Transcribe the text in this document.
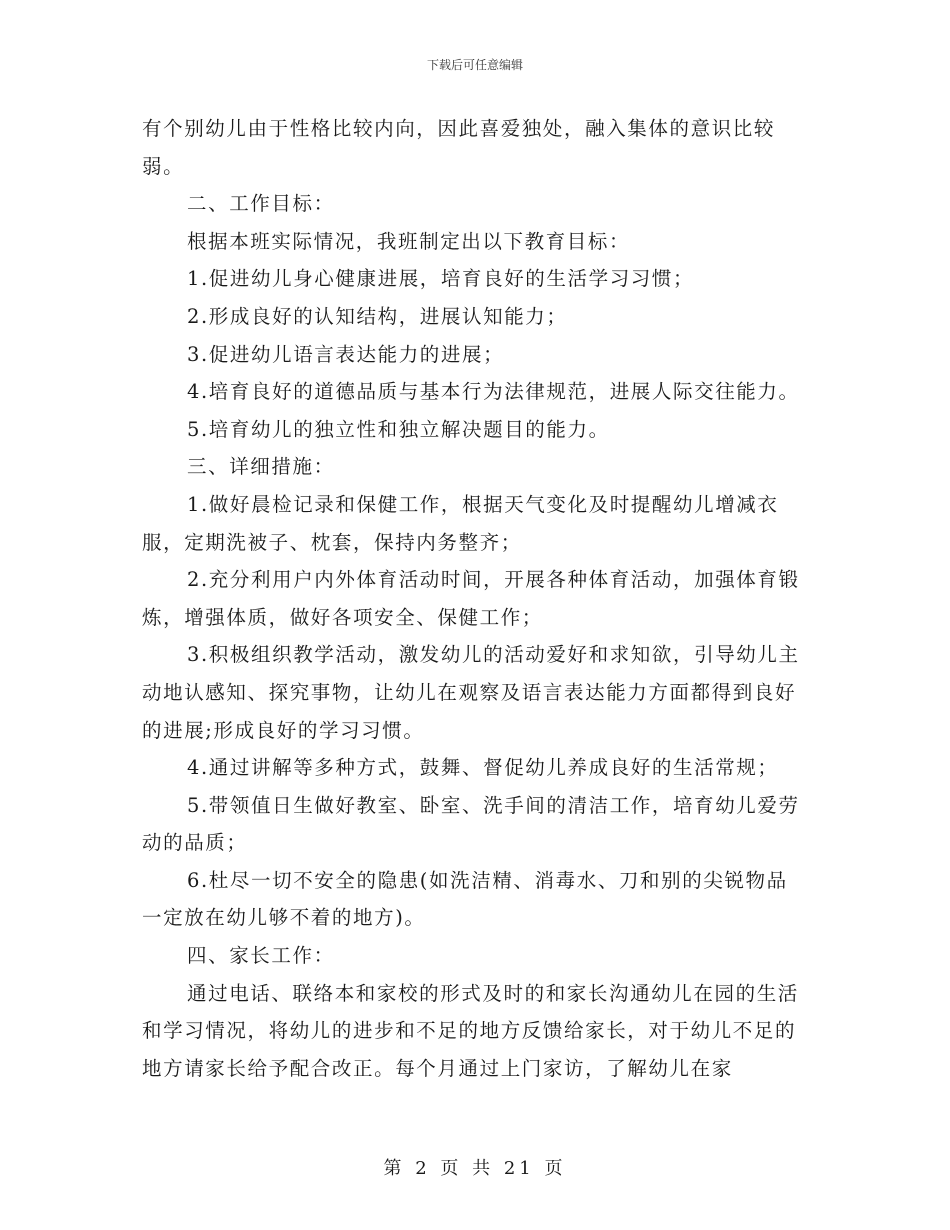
下载后可任意编辑

有个别幼儿由于性格比较内向，因此喜爱独处，融入集体的意识比较弱。

二、工作目标：

根据本班实际情况，我班制定出以下教育目标：

1.促进幼儿身心健康进展，培育良好的生活学习习惯；

2.形成良好的认知结构，进展认知能力；

3.促进幼儿语言表达能力的进展；

4.培育良好的道德品质与基本行为法律规范，进展人际交往能力。

5.培育幼儿的独立性和独立解决题目的能力。

三、详细措施：

1.做好晨检记录和保健工作，根据天气变化及时提醒幼儿增减衣服，定期洗被子、枕套，保持内务整齐；

2.充分利用户内外体育活动时间，开展各种体育活动，加强体育锻炼，增强体质，做好各项安全、保健工作；

3.积极组织教学活动，激发幼儿的活动爱好和求知欲，引导幼儿主动地认感知、探究事物，让幼儿在观察及语言表达能力方面都得到良好的进展;形成良好的学习习惯。

4.通过讲解等多种方式，鼓舞、督促幼儿养成良好的生活常规；

5.带领值日生做好教室、卧室、洗手间的清洁工作，培育幼儿爱劳动的品质；

6.杜尽一切不安全的隐患(如洗洁精、消毒水、刀和别的尖锐物品一定放在幼儿够不着的地方)。

四、家长工作：

通过电话、联络本和家校的形式及时的和家长沟通幼儿在园的生活和学习情况，将幼儿的进步和不足的地方反馈给家长，对于幼儿不足的地方请家长给予配合改正。每个月通过上门家访，了解幼儿在家

第 2 页 共 21 页
